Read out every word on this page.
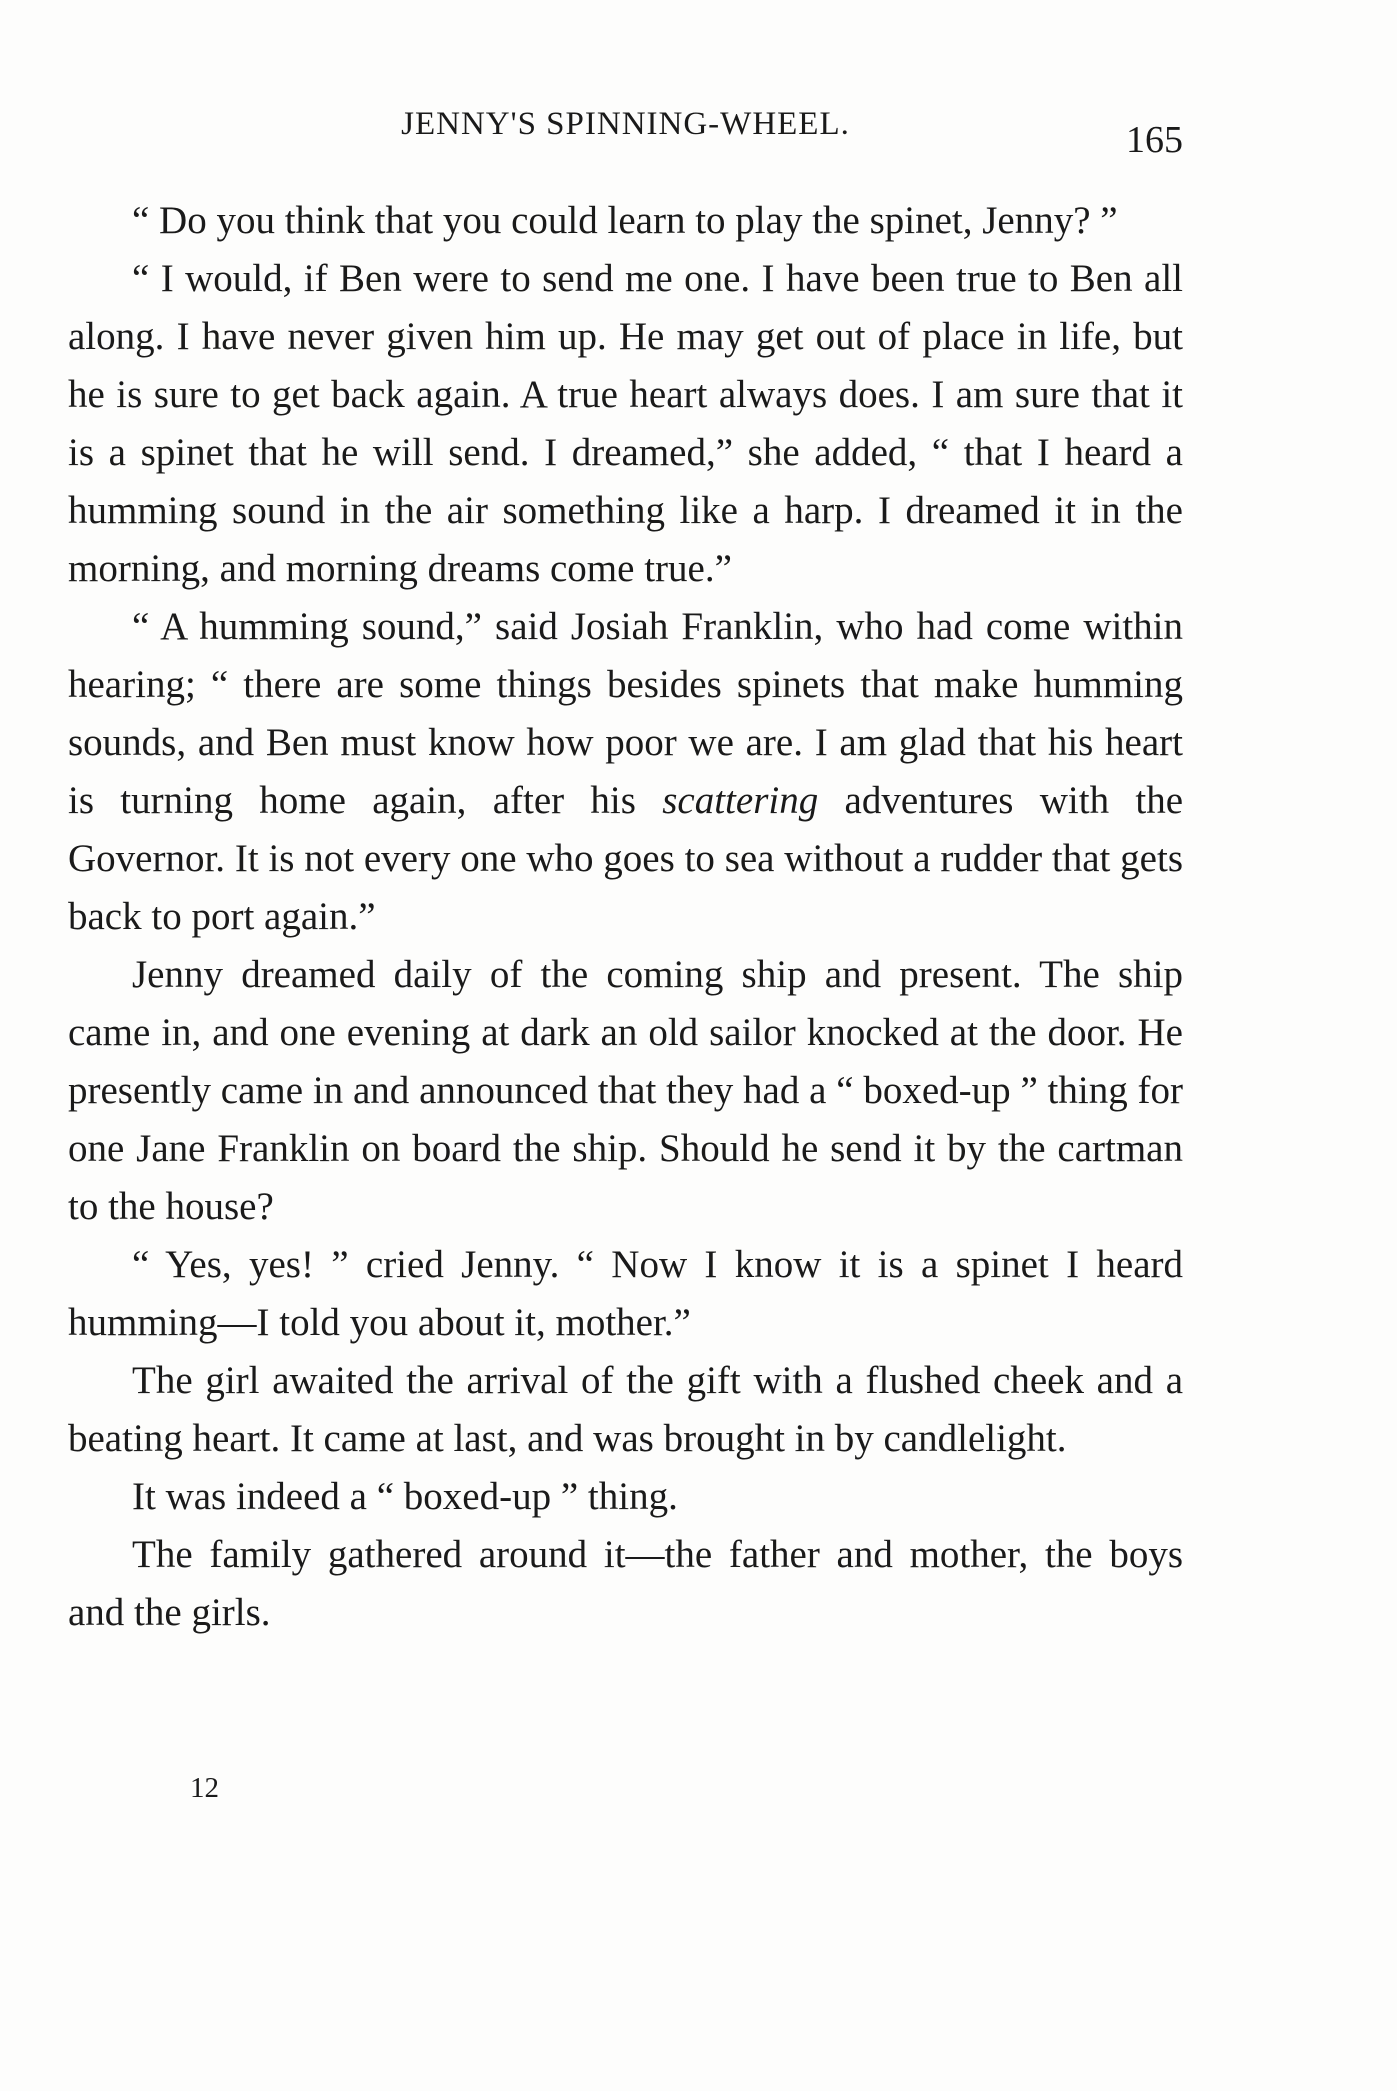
JENNY'S SPINNING-WHEEL.	165

“ Do you think that you could learn to play the spinet, Jenny? ”

“ I would, if Ben were to send me one. I have been true to Ben all along. I have never given him up. He may get out of place in life, but he is sure to get back again. A true heart always does. I am sure that it is a spinet that he will send. I dreamed,” she added, “ that I heard a humming sound in the air something like a harp. I dreamed it in the morning, and morning dreams come true.”

“ A humming sound,” said Josiah Franklin, who had come within hearing; “ there are some things besides spinets that make humming sounds, and Ben must know how poor we are. I am glad that his heart is turning home again, after his scattering adventures with the Governor. It is not every one who goes to sea without a rudder that gets back to port again.”

Jenny dreamed daily of the coming ship and present. The ship came in, and one evening at dark an old sailor knocked at the door. He presently came in and announced that they had a “ boxed-up ” thing for one Jane Franklin on board the ship. Should he send it by the cartman to the house?

“ Yes, yes! ” cried Jenny. “ Now I know it is a spinet I heard humming—I told you about it, mother.”

The girl awaited the arrival of the gift with a flushed cheek and a beating heart. It came at last, and was brought in by candlelight.

It was indeed a “ boxed-up ” thing.

The family gathered around it—the father and mother, the boys and the girls.

12
